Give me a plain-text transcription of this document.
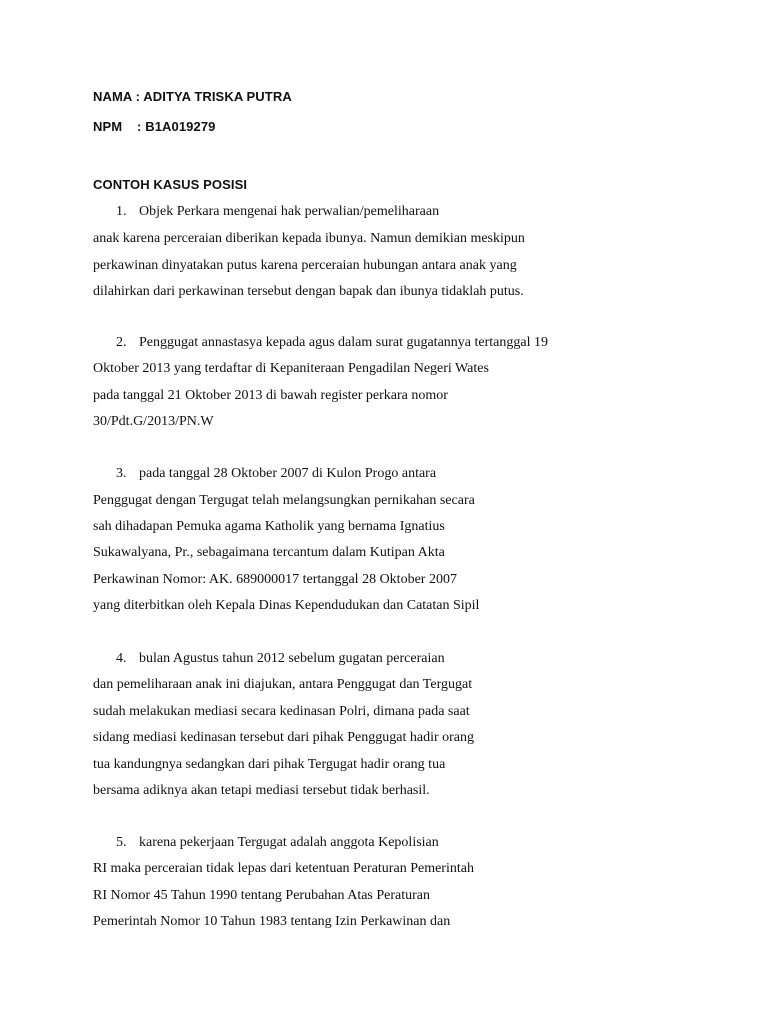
NAMA : ADITYA TRISKA PUTRA
NPM    : B1A019279
CONTOH KASUS POSISI
1. Objek Perkara mengenai hak perwalian/pemeliharaan
anak karena perceraian diberikan kepada ibunya. Namun demikian meskipun
perkawinan dinyatakan putus karena perceraian hubungan antara anak yang
dilahirkan dari perkawinan tersebut dengan bapak dan ibunya tidaklah putus.
2. Penggugat annastasya kepada agus dalam surat gugatannya tertanggal 19
Oktober 2013 yang terdaftar di Kepaniteraan Pengadilan Negeri Wates
pada tanggal 21 Oktober 2013 di bawah register perkara nomor
30/Pdt.G/2013/PN.W
3. pada tanggal 28 Oktober 2007 di Kulon Progo antara
Penggugat dengan Tergugat telah melangsungkan pernikahan secara
sah dihadapan Pemuka agama Katholik yang bernama Ignatius
Sukawalyana, Pr., sebagaimana tercantum dalam Kutipan Akta
Perkawinan Nomor: AK. 689000017 tertanggal 28 Oktober 2007
yang diterbitkan oleh Kepala Dinas Kependudukan dan Catatan Sipil
4. bulan Agustus tahun 2012 sebelum gugatan perceraian
dan pemeliharaan anak ini diajukan, antara Penggugat dan Tergugat
sudah melakukan mediasi secara kedinasan Polri, dimana pada saat
sidang mediasi kedinasan tersebut dari pihak Penggugat hadir orang
tua kandungnya sedangkan dari pihak Tergugat hadir orang tua
bersama adiknya akan tetapi mediasi tersebut tidak berhasil.
5. karena pekerjaan Tergugat adalah anggota Kepolisian
RI maka perceraian tidak lepas dari ketentuan Peraturan Pemerintah
RI Nomor 45 Tahun 1990 tentang Perubahan Atas Peraturan
Pemerintah Nomor 10 Tahun 1983 tentang Izin Perkawinan dan
